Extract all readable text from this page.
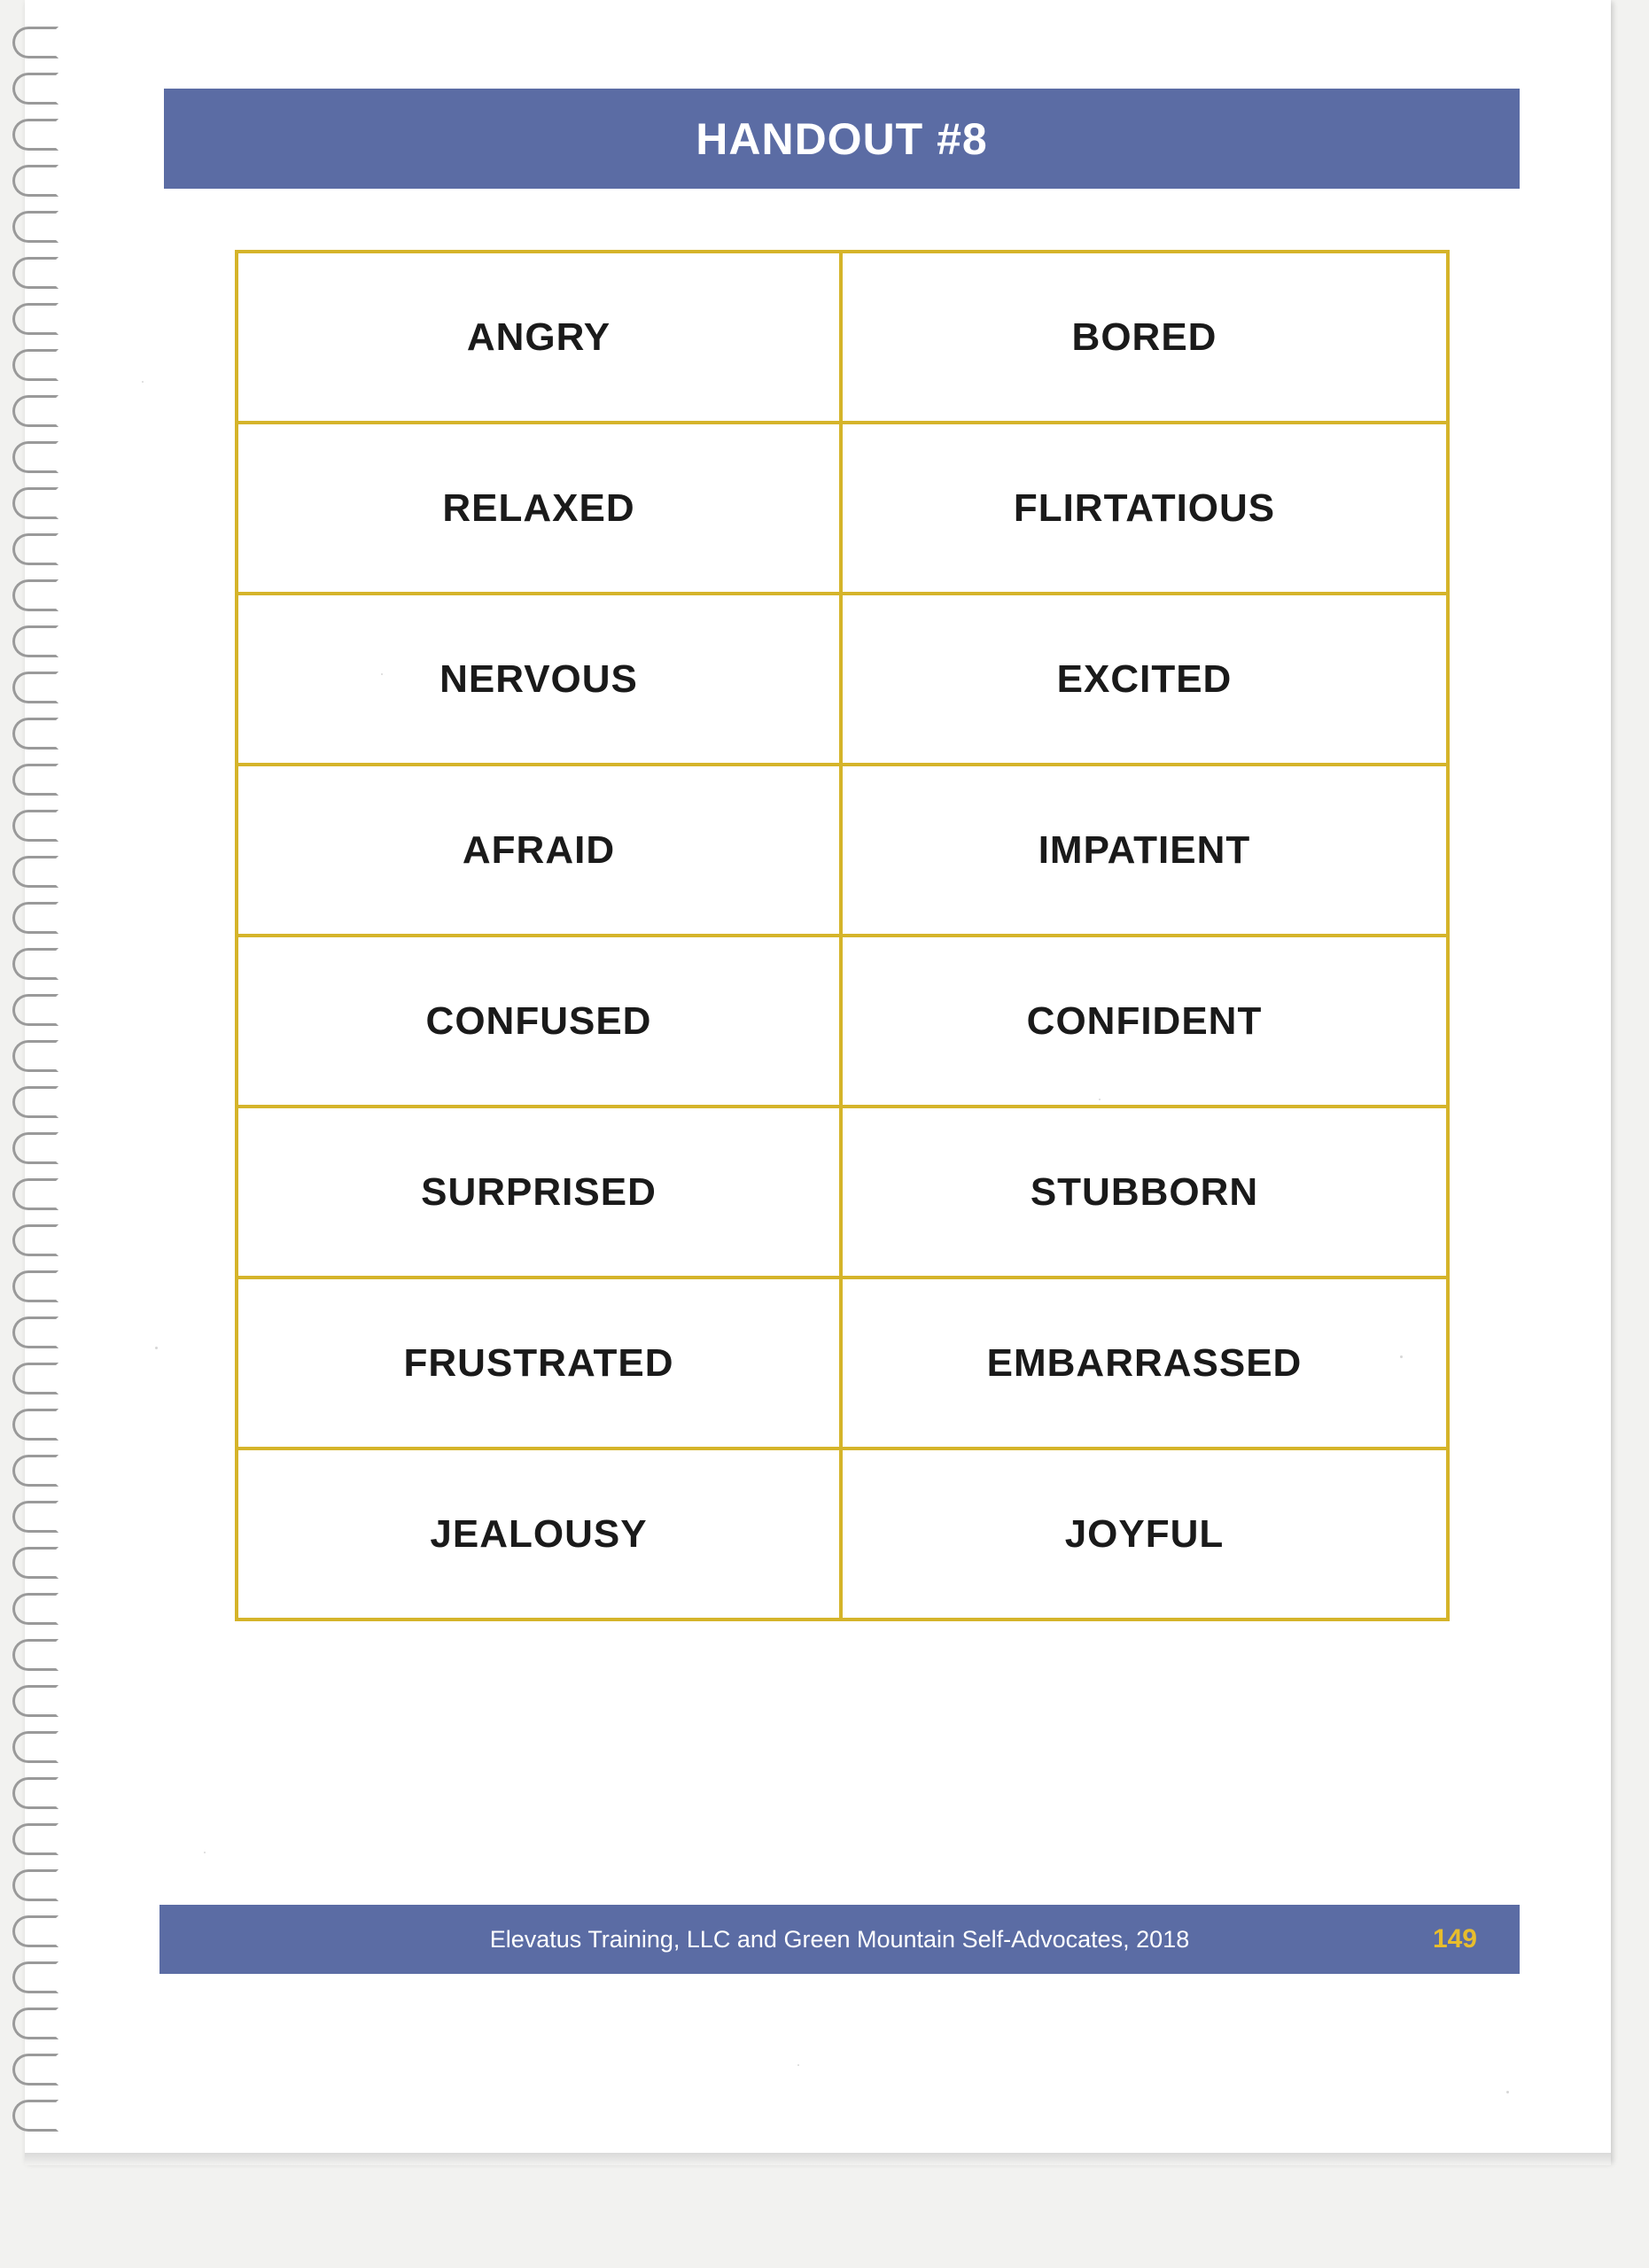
HANDOUT #8
ANGRY	BORED
RELAXED	FLIRTATIOUS
NERVOUS	EXCITED
AFRAID	IMPATIENT
CONFUSED	CONFIDENT
SURPRISED	STUBBORN
FRUSTRATED	EMBARRASSED
JEALOUSY	JOYFUL
Elevatus Training, LLC and Green Mountain Self-Advocates, 2018	149
